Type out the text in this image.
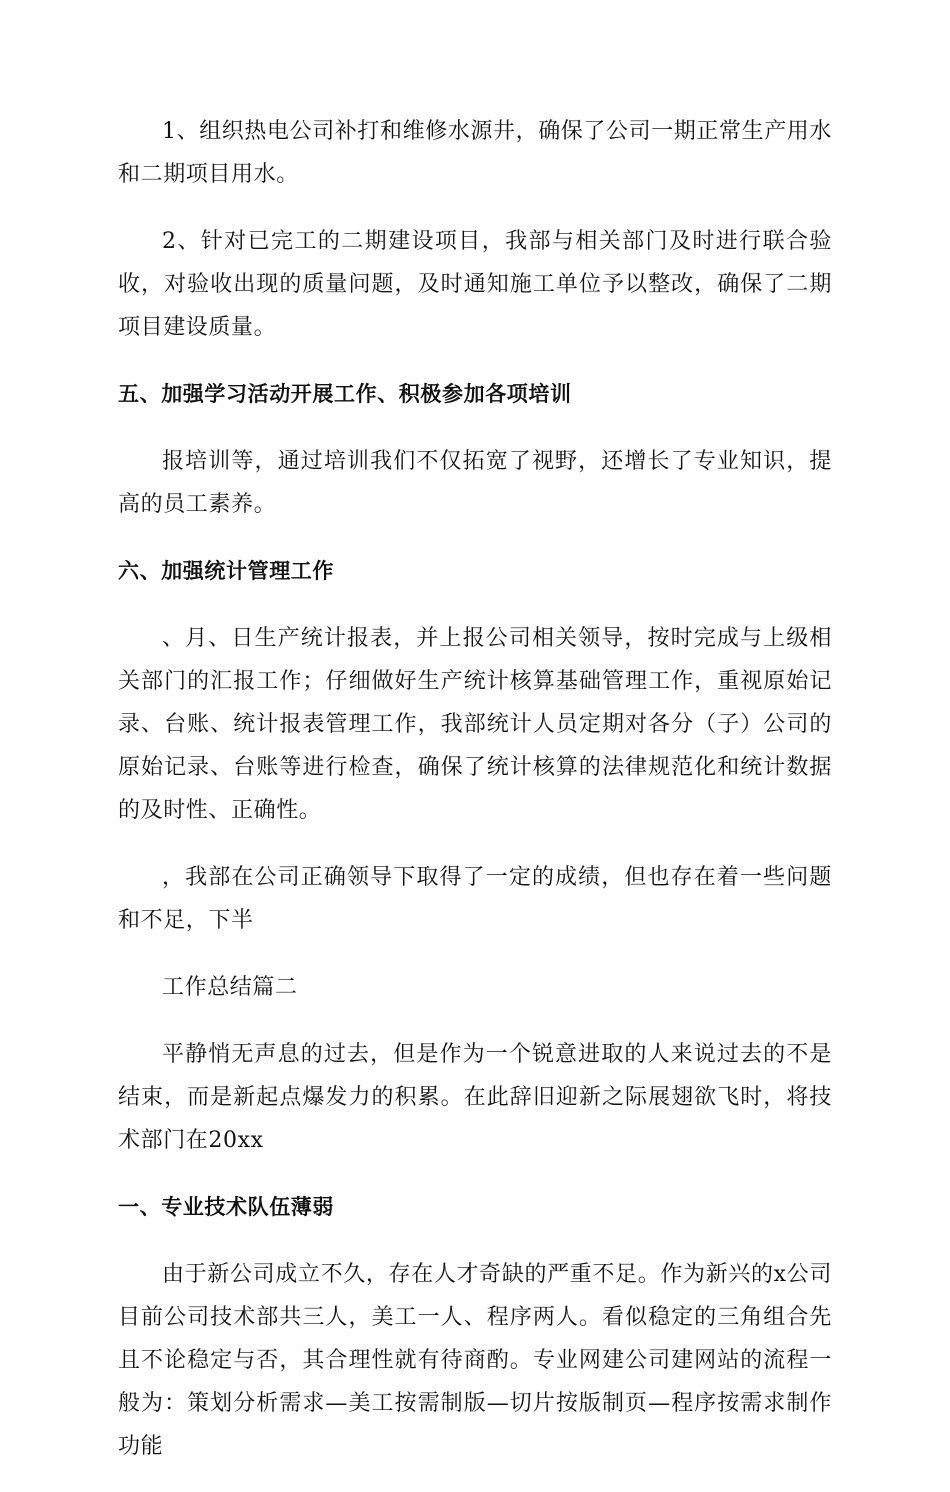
1、组织热电公司补打和维修水源井，确保了公司一期正常生产用水和二期项目用水。

2、针对已完工的二期建设项目，我部与相关部门及时进行联合验收，对验收出现的质量问题，及时通知施工单位予以整改，确保了二期项目建设质量。

五、加强学习活动开展工作、积极参加各项培训

报培训等，通过培训我们不仅拓宽了视野，还增长了专业知识，提高的员工素养。

六、加强统计管理工作

、月、日生产统计报表，并上报公司相关领导，按时完成与上级相关部门的汇报工作；仔细做好生产统计核算基础管理工作，重视原始记录、台账、统计报表管理工作，我部统计人员定期对各分（子）公司的原始记录、台账等进行检查，确保了统计核算的法律规范化和统计数据的及时性、正确性。

，我部在公司正确领导下取得了一定的成绩，但也存在着一些问题和不足，下半

工作总结篇二

平静悄无声息的过去，但是作为一个锐意进取的人来说过去的不是结束，而是新起点爆发力的积累。在此辞旧迎新之际展翅欲飞时，将技术部门在20xx

一、专业技术队伍薄弱

由于新公司成立不久，存在人才奇缺的严重不足。作为新兴的x公司目前公司技术部共三人，美工一人、程序两人。看似稳定的三角组合先且不论稳定与否，其合理性就有待商酌。专业网建公司建网站的流程一般为：策划分析需求—美工按需制版—切片按版制页—程序按需求制作功能
